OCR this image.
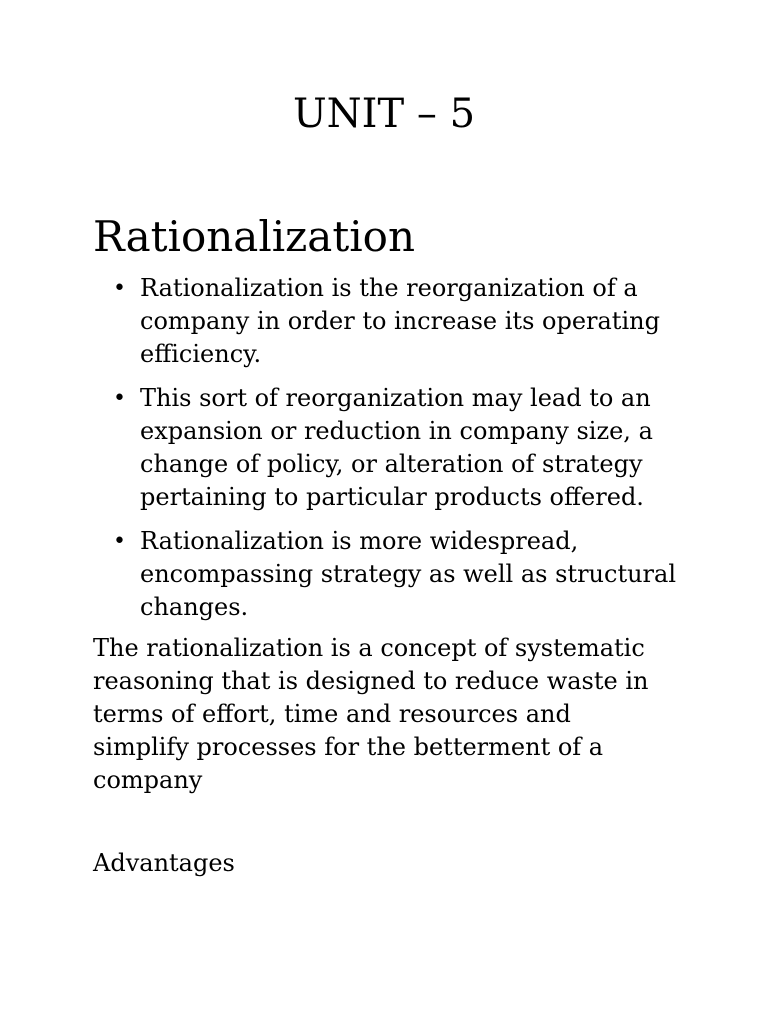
UNIT – 5
Rationalization
• Rationalization is the reorganization of a company in order to increase its operating efficiency.
• This sort of reorganization may lead to an expansion or reduction in company size, a change of policy, or alteration of strategy pertaining to particular products offered.
• Rationalization is more widespread, encompassing strategy as well as structural changes.

The rationalization is a concept of systematic reasoning that is designed to reduce waste in terms of effort, time and resources and simplify processes for the betterment of a company

Advantages
